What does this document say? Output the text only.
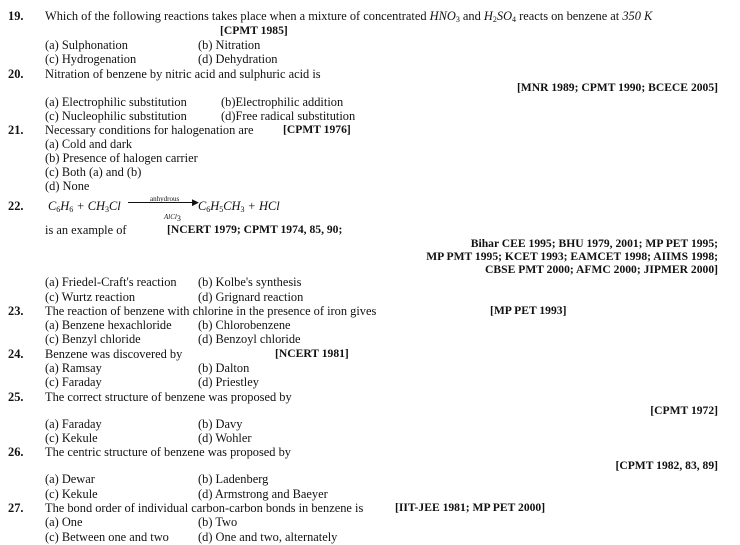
19. Which of the following reactions takes place when a mixture of concentrated $HNO_3$ and $H_2SO_4$ reacts on benzene at 350 K
[CPMT 1985]
(a) Sulphonation	(b) Nitration
(c) Hydrogenation	(d) Dehydration
20. Nitration of benzene by nitric acid and sulphuric acid is
[MNR 1989; CPMT 1990; BCECE 2005]
(a) Electrophilic substitution	(b)Electrophilic addition
(c) Nucleophilic substitution	(d)Free radical substitution
21. Necessary conditions for halogenation are	[CPMT 1976]
(a) Cold and dark
(b) Presence of halogen carrier
(c) Both (a) and (b)
(d) None
22. $C_6H_6 + CH_3Cl$	anhydrous ▶
AlCl$_3$
$C_6H_5CH_3$ + HCl
is an example of	[NCERT 1979; CPMT 1974, 85, 90;
Bihar CEE 1995; BHU 1979, 2001; MP PET 1995;
MP PMT 1995; KCET 1993; EAMCET 1998; AIIMS 1998;
CBSE PMT 2000; AFMC 2000; JIPMER 2000]
(a) Friedel-Craft's reaction (b) Kolbe's synthesis
(c) Wurtz reaction	(d) Grignard reaction
23. The reaction of benzene with chlorine in the presence of iron gives	[MP PET 1993]
(a) Benzene hexachloride (b) Chlorobenzene
(c) Benzyl chloride	(d) Benzoyl chloride
24. Benzene was discovered by	[NCERT 1981]
(a) Ramsay	(b) Dalton
(c) Faraday	(d) Priestley
25. The correct structure of benzene was proposed by
[CPMT 1972]
(a) Faraday	(b) Davy
(c) Kekule	(d) Wohler
26. The centric structure of benzene was proposed by
[CPMT 1982, 83, 89]
(a) Dewar	(b) Ladenberg
(c) Kekule	(d) Armstrong and Baeyer
27. The bond order of individual carbon-carbon bonds in benzene is	[IIT-JEE 1981; MP PET 2000]
(a) One	(b) Two
(c) Between one and two (d) One and two, alternately
